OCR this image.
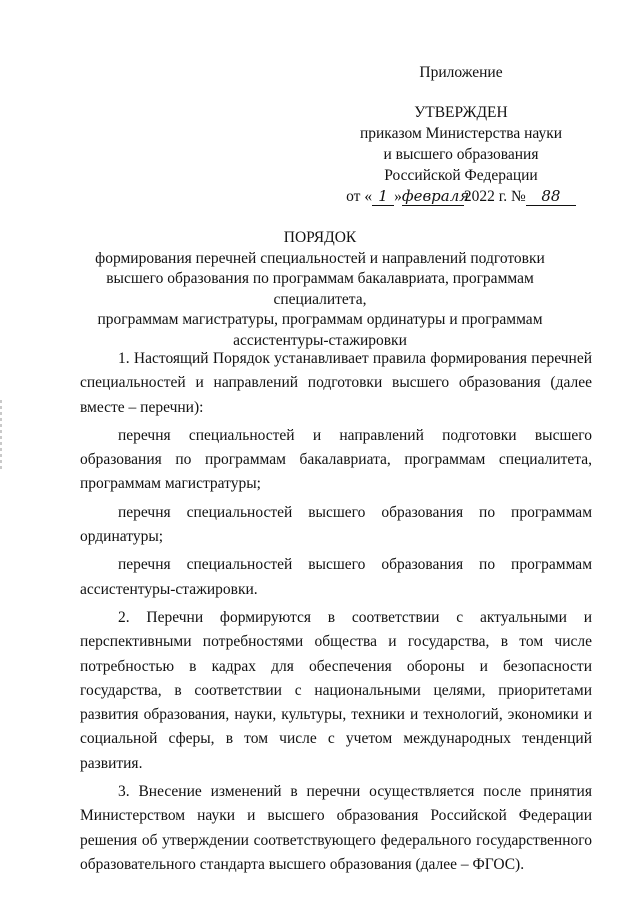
Приложение
УТВЕРЖДЕН
приказом Министерства науки
и высшего образования
Российской Федерации
от « 1 »февраля2022 г. № 88
ПОРЯДОК
формирования перечней специальностей и направлений подготовки
высшего образования по программам бакалавриата, программам специалитета,
программам магистратуры, программам ординатуры и программам
ассистентуры-стажировки

1. Настоящий Порядок устанавливает правила формирования перечней специальностей и направлений подготовки высшего образования (далее вместе – перечни):

перечня специальностей и направлений подготовки высшего образования по программам бакалавриата, программам специалитета, программам магистратуры;

перечня специальностей высшего образования по программам ординатуры;

перечня специальностей высшего образования по программам ассистентуры-стажировки.

2. Перечни формируются в соответствии с актуальными и перспективными потребностями общества и государства, в том числе потребностью в кадрах для обеспечения обороны и безопасности государства, в соответствии с национальными целями, приоритетами развития образования, науки, культуры, техники и технологий, экономики и социальной сферы, в том числе с учетом международных тенденций развития.

3. Внесение изменений в перечни осуществляется после принятия Министерством науки и высшего образования Российской Федерации решения об утверждении соответствующего федерального государственного образовательного стандарта высшего образования (далее – ФГОС).
